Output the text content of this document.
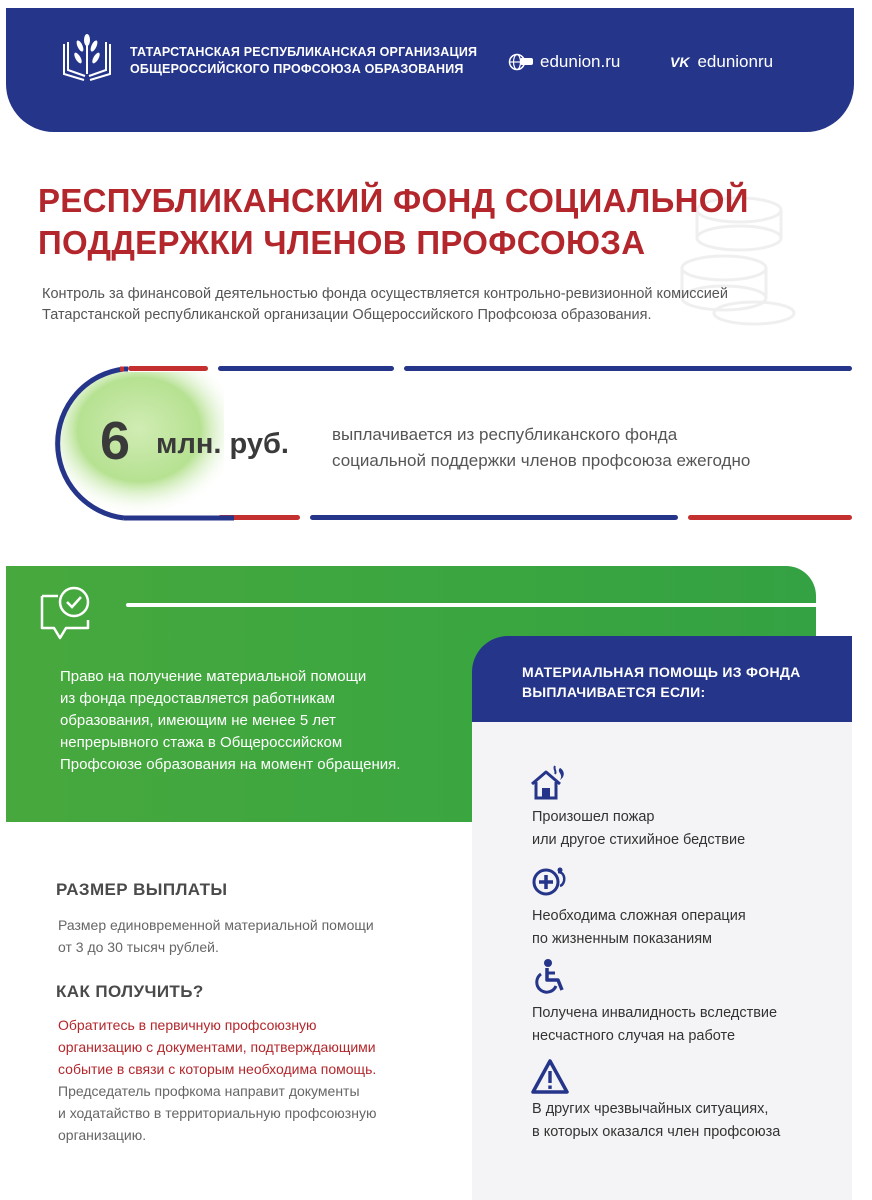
ТАТАРСТАНСКАЯ РЕСПУБЛИКАНСКАЯ ОРГАНИЗАЦИЯ
ОБЩЕРОССИЙСКОГО ПРОФСОЮЗА ОБРАЗОВАНИЯ	edunion.ru	VK edunionru
РЕСПУБЛИКАНСКИЙ ФОНД СОЦИАЛЬНОЙ
ПОДДЕРЖКИ ЧЛЕНОВ ПРОФСОЮЗА
Контроль за финансовой деятельностью фонда осуществляется контрольно-ревизионной комиссией
Татарстанской республиканской организации Общероссийского Профсоюза образования.
6 млн. руб.	выплачивается из республиканского фонда
социальной поддержки членов профсоюза ежегодно
Право на получение материальной помощи
из фонда предоставляется работникам
образования, имеющим не менее 5 лет
непрерывного стажа в Общероссийском
Профсоюзе образования на момент обращения.
МАТЕРИАЛЬНАЯ ПОМОЩЬ ИЗ ФОНДА
ВЫПЛАЧИВАЕТСЯ ЕСЛИ:
Произошел пожар
или другое стихийное бедствие
Необходима сложная операция
по жизненным показаниям
Получена инвалидность вследствие
несчастного случая на работе
В других чрезвычайных ситуациях,
в которых оказался член профсоюза
РАЗМЕР ВЫПЛАТЫ
Размер единовременной материальной помощи
от 3 до 30 тысяч рублей.
КАК ПОЛУЧИТЬ?
Обратитесь в первичную профсоюзную
организацию с документами, подтверждающими
событие в связи с которым необходима помощь.
Председатель профкома направит документы
и ходатайство в территориальную профсоюзную
организацию.
